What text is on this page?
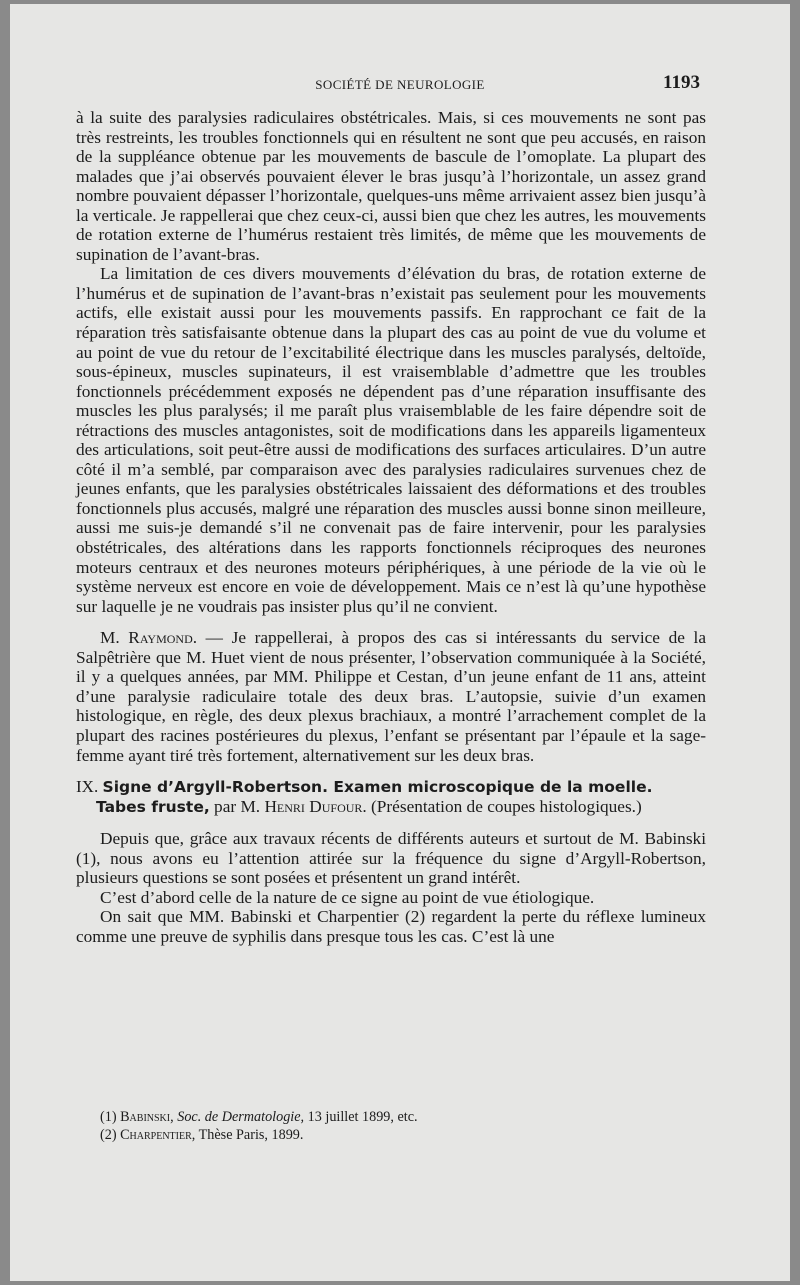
SOCIÉTÉ DE NEUROLOGIE	1193

à la suite des paralysies radiculaires obstétricales. Mais, si ces mouvements ne sont pas très restreints, les troubles fonctionnels qui en résultent ne sont que peu accusés, en raison de la suppléance obtenue par les mouvements de bascule de l’omoplate. La plupart des malades que j’ai observés pouvaient élever le bras jusqu’à l’horizontale, un assez grand nombre pouvaient dépasser l’horizontale, quelques-uns même arrivaient assez bien jusqu’à la verticale. Je rappellerai que chez ceux-ci, aussi bien que chez les autres, les mouvements de rotation externe de l’humérus restaient très limités, de même que les mouvements de supination de l’avant-bras.

La limitation de ces divers mouvements d’élévation du bras, de rotation externe de l’humérus et de supination de l’avant-bras n’existait pas seulement pour les mouvements actifs, elle existait aussi pour les mouvements passifs. En rapprochant ce fait de la réparation très satisfaisante obtenue dans la plupart des cas au point de vue du volume et au point de vue du retour de l’excitabilité électrique dans les muscles paralysés, deltoïde, sous-épineux, muscles supinateurs, il est vraisemblable d’admettre que les troubles fonctionnels précédemment exposés ne dépendent pas d’une réparation insuffisante des muscles les plus paralysés; il me paraît plus vraisemblable de les faire dépendre soit de rétractions des muscles antagonistes, soit de modifications dans les appareils ligamenteux des articulations, soit peut-être aussi de modifications des surfaces articulaires. D’un autre côté il m’a semblé, par comparaison avec des paralysies radiculaires survenues chez de jeunes enfants, que les paralysies obstétricales laissaient des déformations et des troubles fonctionnels plus accusés, malgré une réparation des muscles aussi bonne sinon meilleure, aussi me suis-je demandé s’il ne convenait pas de faire intervenir, pour les paralysies obstétricales, des altérations dans les rapports fonctionnels réciproques des neurones moteurs centraux et des neurones moteurs périphériques, à une période de la vie où le système nerveux est encore en voie de développement. Mais ce n’est là qu’une hypothèse sur laquelle je ne voudrais pas insister plus qu’il ne convient.

M. Raymond. — Je rappellerai, à propos des cas si intéressants du service de la Salpêtrière que M. Huet vient de nous présenter, l’observation communiquée à la Société, il y a quelques années, par MM. Philippe et Cestan, d’un jeune enfant de 11 ans, atteint d’une paralysie radiculaire totale des deux bras. L’autopsie, suivie d’un examen histologique, en règle, des deux plexus brachiaux, a montré l’arrachement complet de la plupart des racines postérieures du plexus, l’enfant se présentant par l’épaule et la sage-femme ayant tiré très fortement, alternativement sur les deux bras.

IX. Signe d’Argyll-Robertson. Examen microscopique de la moelle.
Tabes fruste, par M. Henri Dufour. (Présentation de coupes histologiques.)

Depuis que, grâce aux travaux récents de différents auteurs et surtout de M. Babinski (1), nous avons eu l’attention attirée sur la fréquence du signe d’Argyll-Robertson, plusieurs questions se sont posées et présentent un grand intérêt.

C’est d’abord celle de la nature de ce signe au point de vue étiologique.

On sait que MM. Babinski et Charpentier (2) regardent la perte du réflexe lumineux comme une preuve de syphilis dans presque tous les cas. C’est là une

(1) Babinski, Soc. de Dermatologie, 13 juillet 1899, etc.
(2) Charpentier, Thèse Paris, 1899.
